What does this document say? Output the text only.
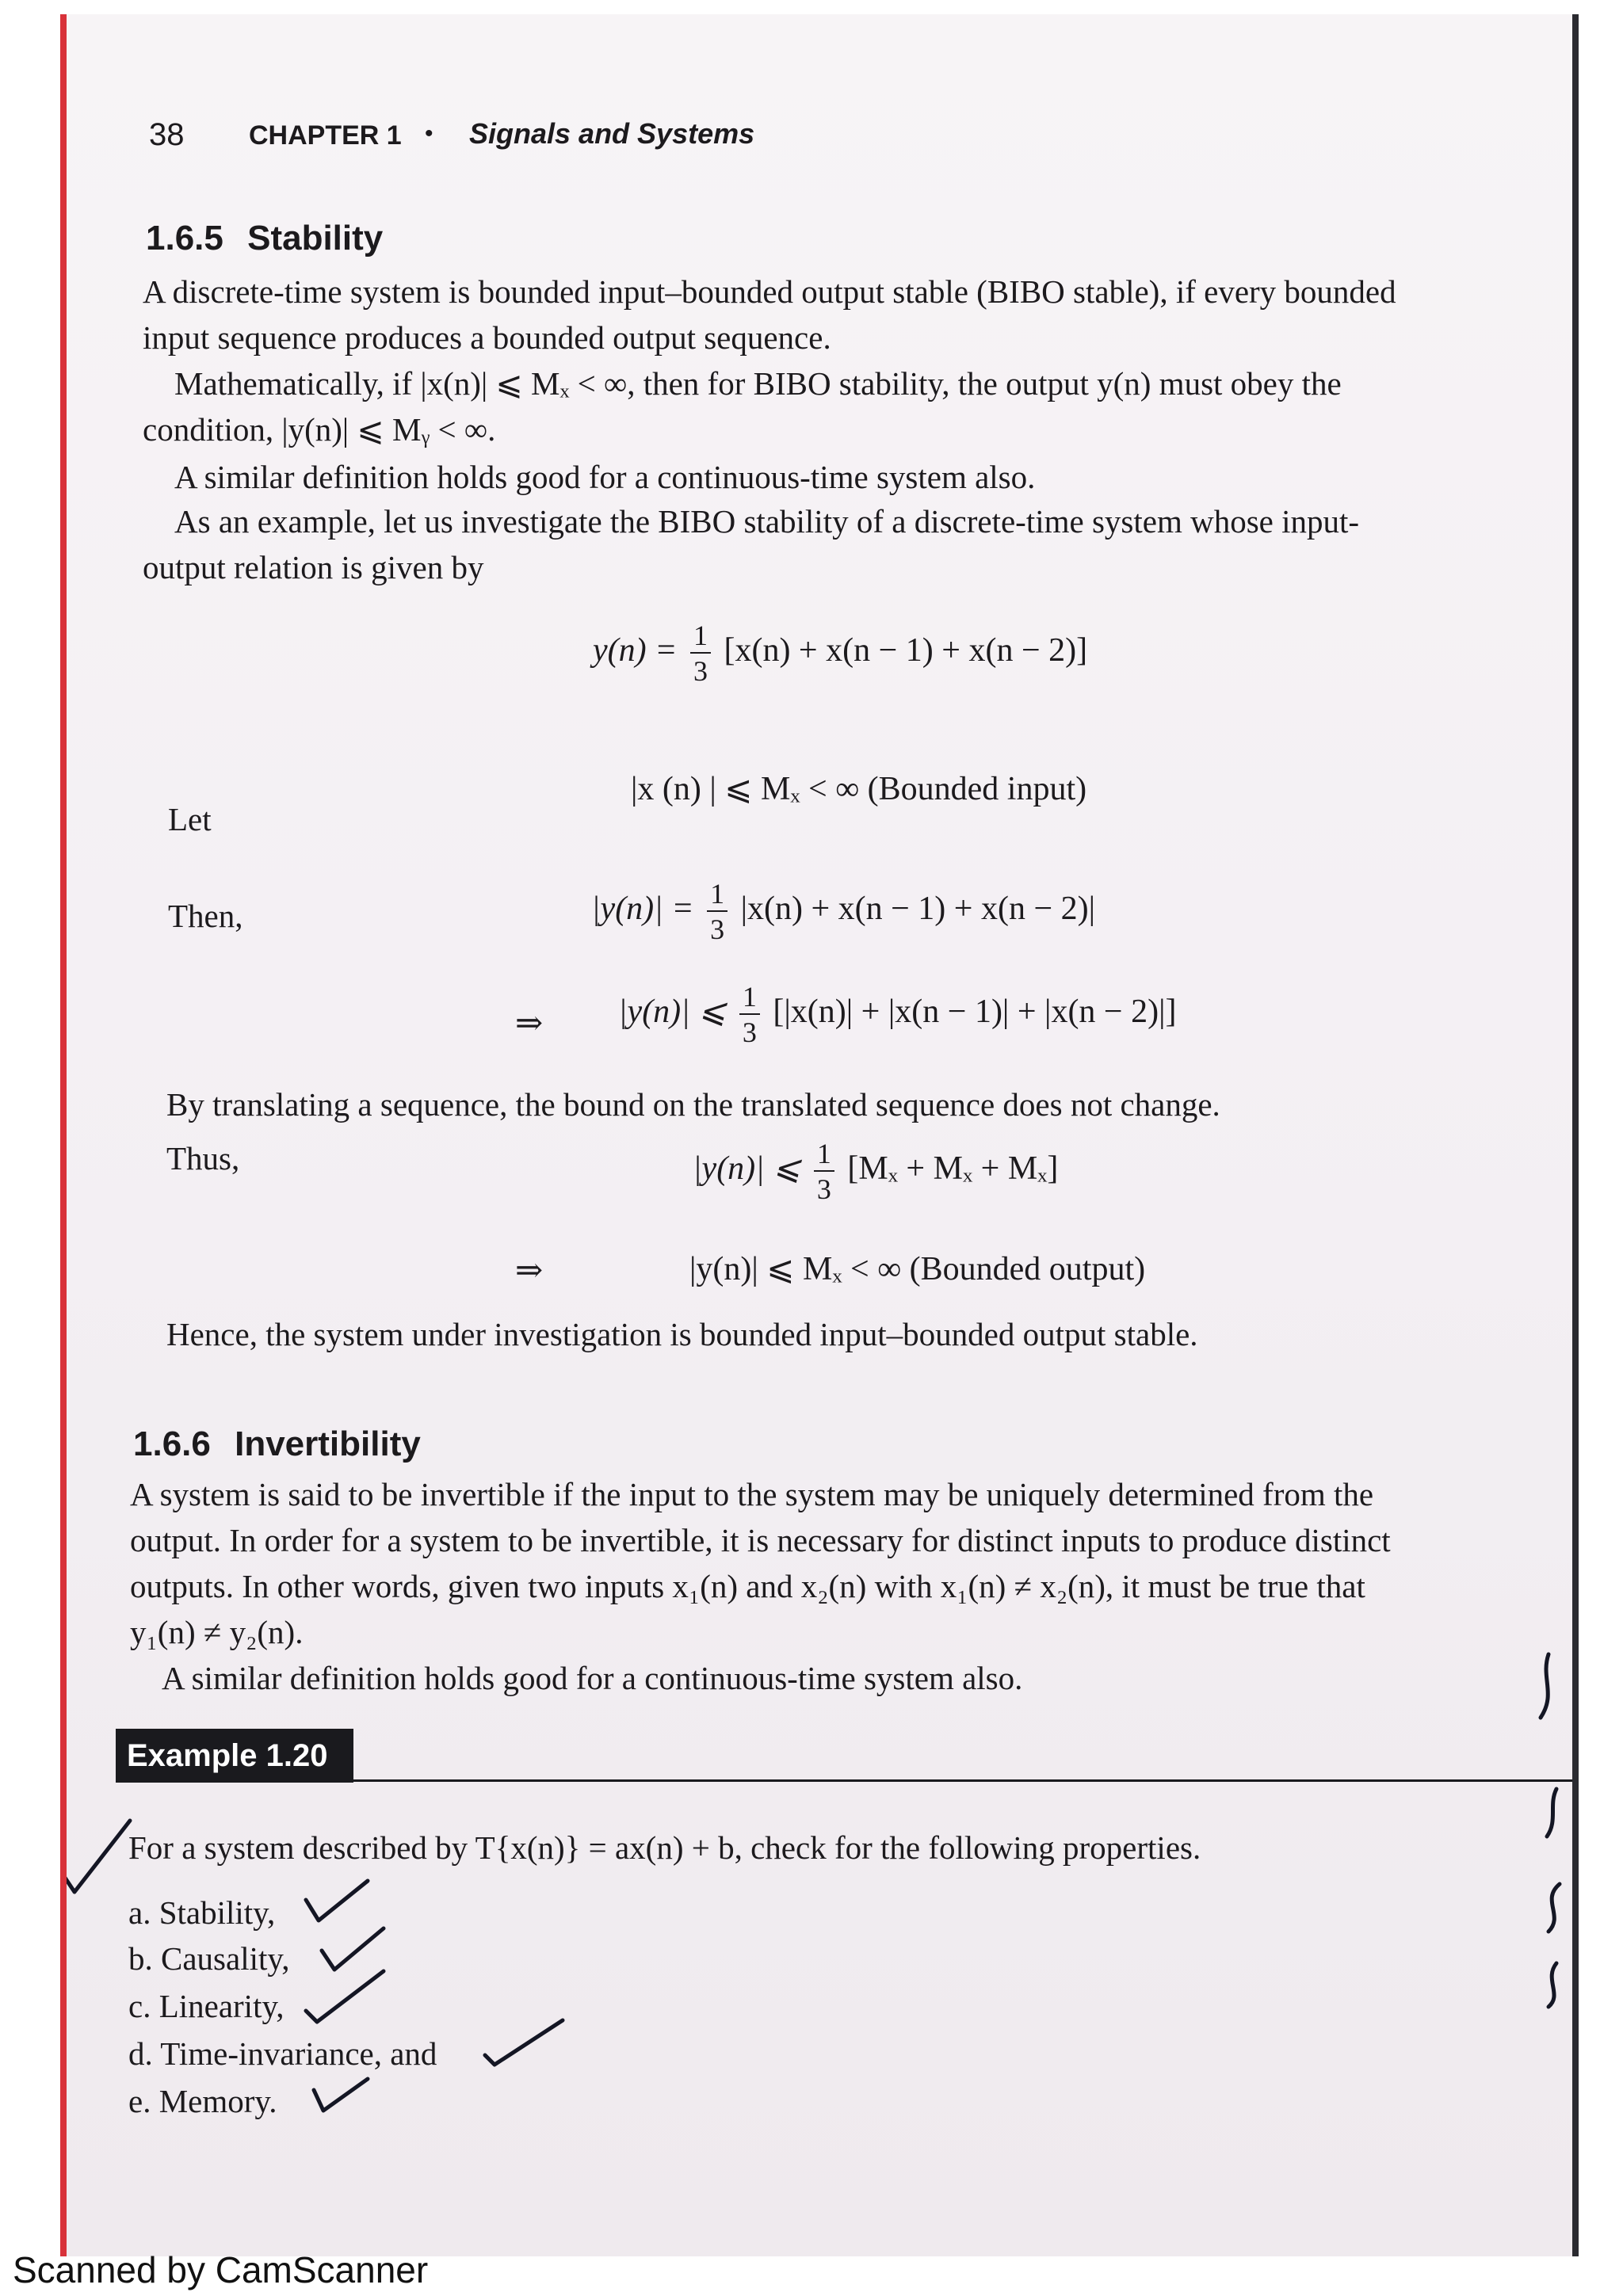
38 CHAPTER 1 • Signals and Systems
1.6.5 Stability
A discrete-time system is bounded input–bounded output stable (BIBO stable), if every bounded
input sequence produces a bounded output sequence.
Mathematically, if |x(n)| ⩽ Mₓ < ∞, then for BIBO stability, the output y(n) must obey the
condition, |y(n)| ⩽ Mᵧ < ∞.
A similar definition holds good for a continuous-time system also.
As an example, let us investigate the BIBO stability of a discrete-time system whose input-
output relation is given by
$y(n) = \frac{1}{3} [x(n) + x(n - 1) + x(n - 2)]$
Let
|x (n) | ⩽ Mₓ < ∞ (Bounded input)
Then,	$|y(n)| = \frac{1}{3} |x(n) + x(n - 1) + x(n - 2)|$
⇒ |y(n)| ⩽ $\frac{1}{3} [|x(n)| + |x(n - 1)| + |x(n - 2)|]$
By translating a sequence, the bound on the translated sequence does not change.
Thus,	|y(n)| ⩽ $\frac{1}{3} [M_x + M_x + M_x]$
⇒	|y(n)| ⩽ Mₓ < ∞ (Bounded output)
Hence, the system under investigation is bounded input–bounded output stable.
1.6.6 Invertibility
A system is said to be invertible if the input to the system may be uniquely determined from the
output. In order for a system to be invertible, it is necessary for distinct inputs to produce distinct
outputs. In other words, given two inputs x₁(n) and x₂(n) with x₁(n) ≠ x₂(n), it must be true that
y₁(n) ≠ y₂(n).
A similar definition holds good for a continuous-time system also.
Example 1.20
For a system described by T{x(n)} = ax(n) + b, check for the following properties.
a. Stability,
b. Causality,
c. Linearity,
d. Time-invariance, and
e. Memory.
Scanned by CamScanner
